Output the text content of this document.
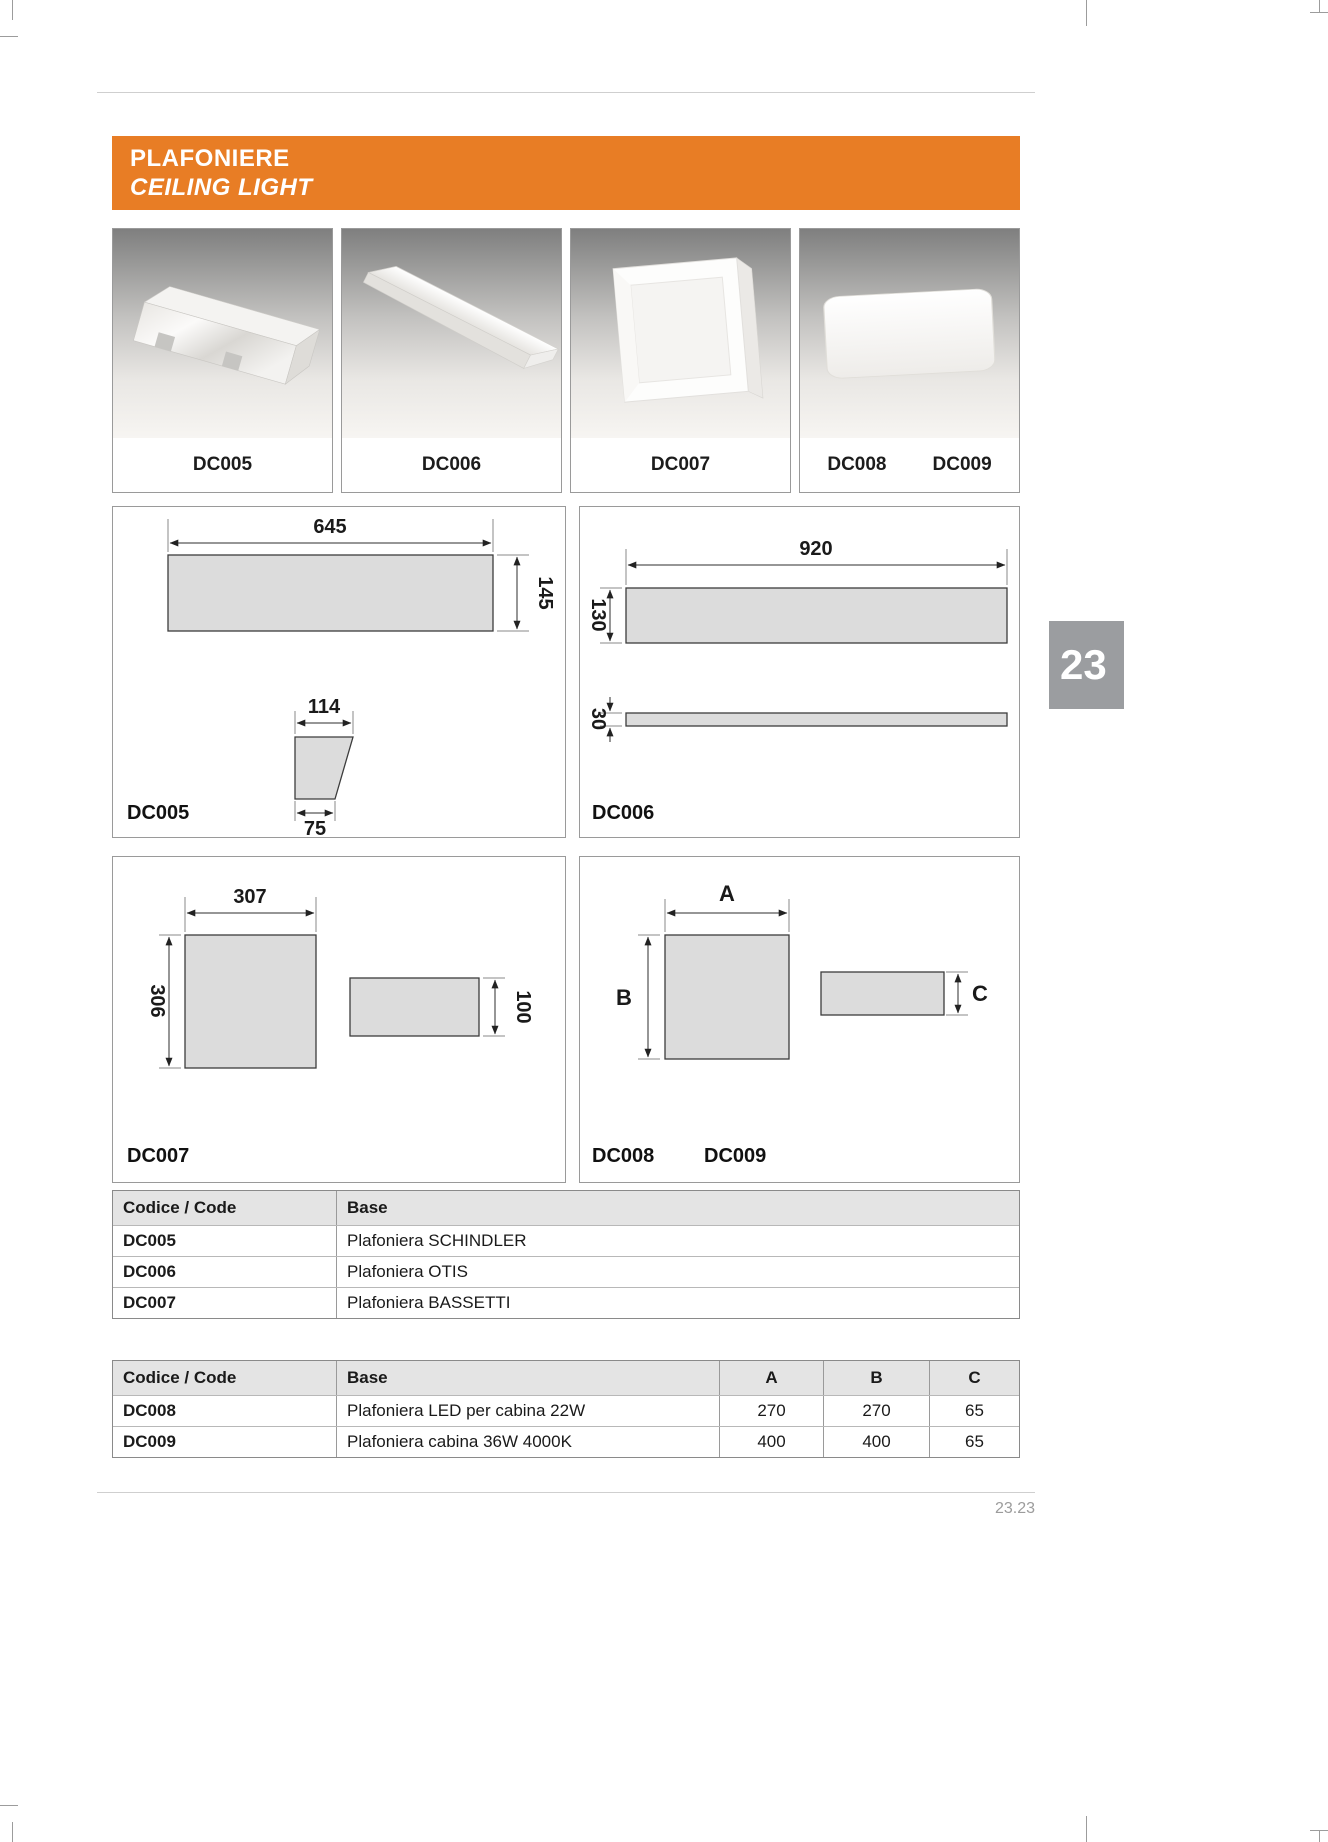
PLAFONIERE
CEILING LIGHT
DC005	DC006	DC007	DC008 DC009
645
145
114
75
DC005
920
130
30
DC006
307
306	100
DC007
A
B	C
DC008 DC009
23
Codice / Code	Base
DC005	Plafoniera SCHINDLER
DC006	Plafoniera OTIS
DC007	Plafoniera BASSETTI
Codice / Code	Base	A	B	C
DC008	Plafoniera LED per cabina 22W	270	270	65
DC009	Plafoniera cabina 36W 4000K	400	400	65
23.23
